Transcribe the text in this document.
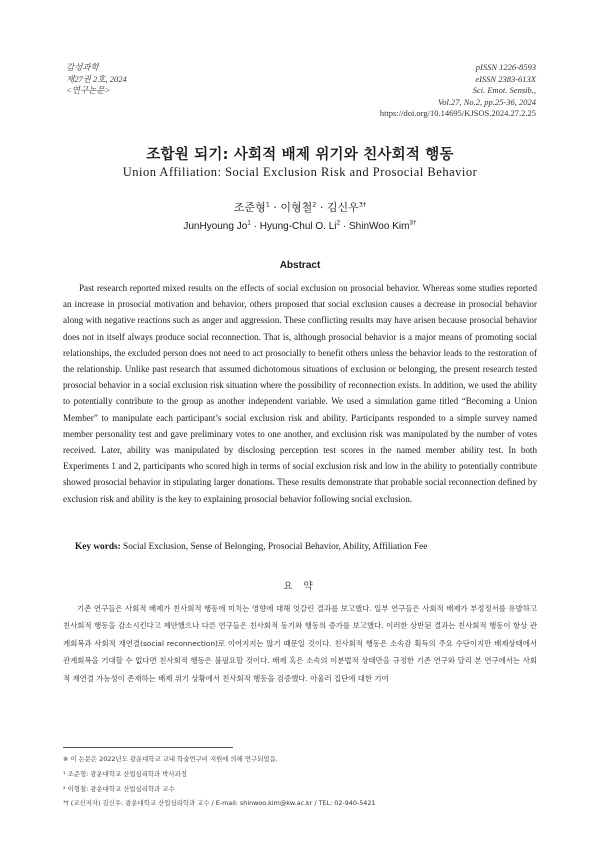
감성과학
제27권 2호, 2024
<연구논문>
pISSN 1226-8593
eISSN 2383-613X
Sci. Emot. Sensib.,
Vol.27, No.2, pp.25-36, 2024
https://doi.org/10.14695/KJSOS.2024.27.2.25
조합원 되기: 사회적 배제 위기와 친사회적 행동
Union Affiliation: Social Exclusion Risk and Prosocial Behavior
조준형$^1$ · 이형철$^2$ · 김신우$^{3\dagger}$
JunHyoung $Jo^1$ · Hyung-Chul O. $Li^2$ · ShinWoo Kim$^{3\dagger}$
Abstract

Past research reported mixed results on the effects of social exclusion on prosocial behavior. Whereas some studies reported an increase in prosocial motivation and behavior, others proposed that social exclusion causes a decrease in prosocial behavior along with negative reactions such as anger and aggression. These conflicting results may have arisen because prosocial behavior does not in itself always produce social reconnection. That is, although prosocial behavior is a major means of promoting social relationships, the excluded person does not need to act prosocially to benefit others unless the behavior leads to the restoration of the relationship. Unlike past research that assumed dichotomous situations of exclusion or belonging, the present research tested prosocial behavior in a social exclusion risk situation where the possibility of reconnection exists. In addition, we used the ability to potentially contribute to the group as another independent variable. We used a simulation game titled “Becoming a Union Member” to manipulate each participant’s social exclusion risk and ability. Participants responded to a simple survey named member personality test and gave preliminary votes to one another, and exclusion risk was manipulated by the number of votes received. Later, ability was manipulated by disclosing perception test scores in the named member ability test. In both Experiments 1 and 2, participants who scored high in terms of social exclusion risk and low in the ability to potentially contribute showed prosocial behavior in stipulating larger donations. These results demonstrate that probable social reconnection defined by exclusion risk and ability is the key to explaining prosocial behavior following social exclusion.

Key words: Social Exclusion, Sense of Belonging, Prosocial Behavior, Ability, Affiliation Fee
요 약

기존 연구들은 사회적 배제가 친사회적 행동에 미치는 영향에 대해 엇갈린 결과를 보고했다. 일부 연구들은 사회적 배제가 부정정서를 유발하고 친사회적 행동을 감소시킨다고 제안했으나 다른 연구들은 친사회적 동기와 행동의 증가를 보고했다. 이러한 상반된 결과는 친사회적 행동이 항상 관계회복과 사회적 재연결(social reconnection)로 이어지지는 않기 때문일 것이다. 친사회적 행동은 소속감 획득의 주요 수단이지만 배제상태에서 관계회복을 기대할 수 없다면 친사회적 행동은 불필요할 것이다. 배제 혹은 소속의 이분법적 상태만을 규정한 기존 연구와 달리 본 연구에서는 사회적 재연결 가능성이 존재하는 배제 위기 상황에서 친사회적 행동을 검증했다. 아울러 집단에 대한 기여

※ 이 논문은 2022년도 광운대학교 교내 학술연구비 지원에 의해 연구되었음.
¹ 조준형: 광운대학교 산업심리학과 박사과정
² 이형철: 광운대학교 산업심리학과 교수
³† (교신저자) 김신우: 광운대학교 산업심리학과 교수 / E-mail: shinwoo.kim@kw.ac.kr / TEL: 02-940-5421
